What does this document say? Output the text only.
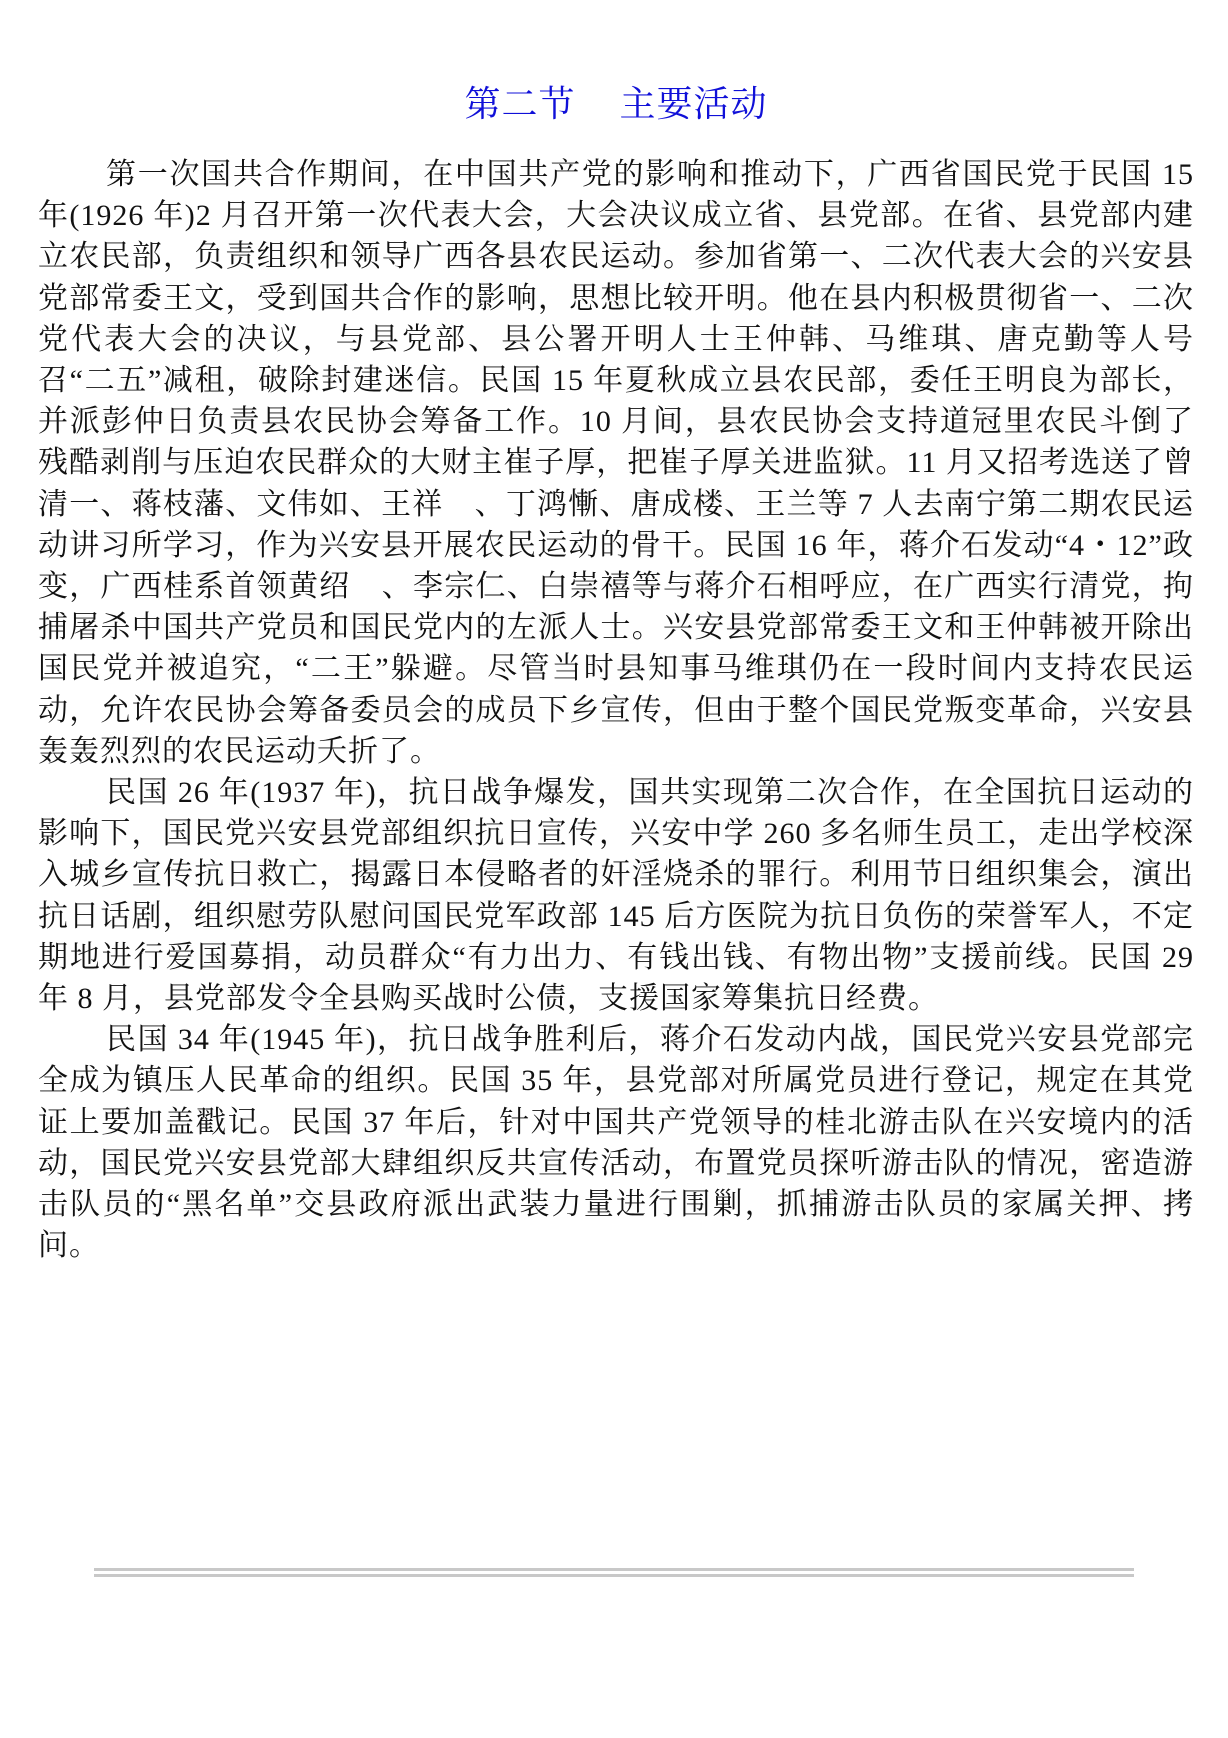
第二节 主要活动

第一次国共合作期间，在中国共产党的影响和推动下，广西省国民党于民国 15 年(1926 年)2 月召开第一次代表大会，大会决议成立省、县党部。在省、县党部内建立农民部，负责组织和领导广西各县农民运动。参加省第一、二次代表大会的兴安县党部常委王文，受到国共合作的影响，思想比较开明。他在县内积极贯彻省一、二次党代表大会的决议，与县党部、县公署开明人士王仲韩、马维琪、唐克勤等人号召“二五”减租，破除封建迷信。民国 15 年夏秋成立县农民部，委任王明良为部长，并派彭仲日负责县农民协会筹备工作。10 月间，县农民协会支持道冠里农民斗倒了残酷剥削与压迫农民群众的大财主崔子厚，把崔子厚关进监狱。11 月又招考选送了曾清一、蒋枝藩、文伟如、王祥　、丁鸿慚、唐成楼、王兰等 7 人去南宁第二期农民运动讲习所学习，作为兴安县开展农民运动的骨干。民国 16 年，蒋介石发动“4・12”政变，广西桂系首领黄绍　、李宗仁、白崇禧等与蒋介石相呼应，在广西实行清党，拘捕屠杀中国共产党员和国民党内的左派人士。兴安县党部常委王文和王仲韩被开除出国民党并被追究，“二王”躲避。尽管当时县知事马维琪仍在一段时间内支持农民运动，允许农民协会筹备委员会的成员下乡宣传，但由于整个国民党叛变革命，兴安县轰轰烈烈的农民运动夭折了。

民国 26 年(1937 年)，抗日战争爆发，国共实现第二次合作，在全国抗日运动的影响下，国民党兴安县党部组织抗日宣传，兴安中学 260 多名师生员工，走出学校深入城乡宣传抗日救亡，揭露日本侵略者的奸淫烧杀的罪行。利用节日组织集会，演出抗日话剧，组织慰劳队慰问国民党军政部 145 后方医院为抗日负伤的荣誉军人，不定期地进行爱国募捐，动员群众“有力出力、有钱出钱、有物出物”支援前线。民国 29 年 8 月，县党部发令全县购买战时公债，支援国家筹集抗日经费。

民国 34 年(1945 年)，抗日战争胜利后，蒋介石发动内战，国民党兴安县党部完全成为镇压人民革命的组织。民国 35 年，县党部对所属党员进行登记，规定在其党证上要加盖戳记。民国 37 年后，针对中国共产党领导的桂北游击队在兴安境内的活动，国民党兴安县党部大肆组织反共宣传活动，布置党员探听游击队的情况，密造游击队员的“黑名单”交县政府派出武装力量进行围剿，抓捕游击队员的家属关押、拷问。
